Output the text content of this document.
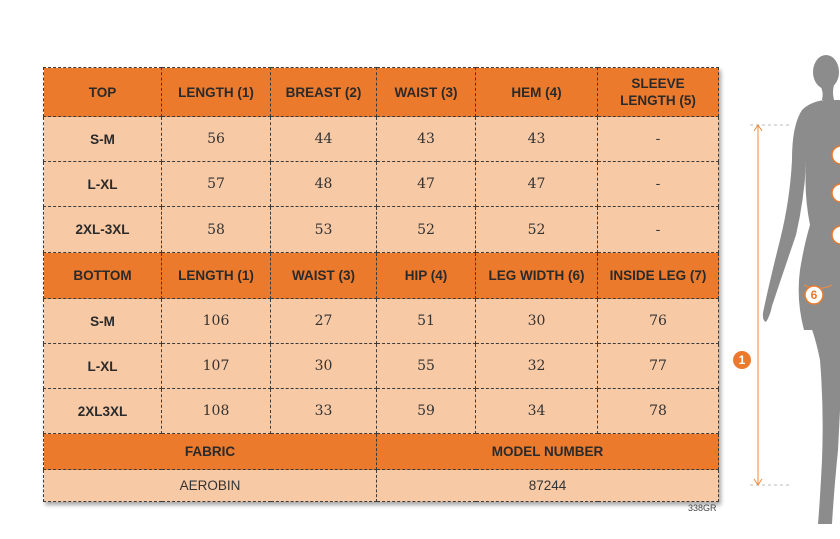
TOP	LENGTH (1)	BREAST (2)	WAIST (3)	HEM (4)	SLEEVE LENGTH (5)
S-M	56	44	43	43	-
L-XL	57	48	47	47	-
2XL-3XL	58	53	52	52	-
BOTTOM	LENGTH (1)	WAIST (3)	HIP (4)	LEG WIDTH (6)	INSIDE LEG (7)
S-M	106	27	51	30	76
L-XL	107	30	55	32	77
2XL3XL	108	33	59	34	78
FABRIC			MODEL NUMBER		
AEROBIN			87244		
338GR
1
6
